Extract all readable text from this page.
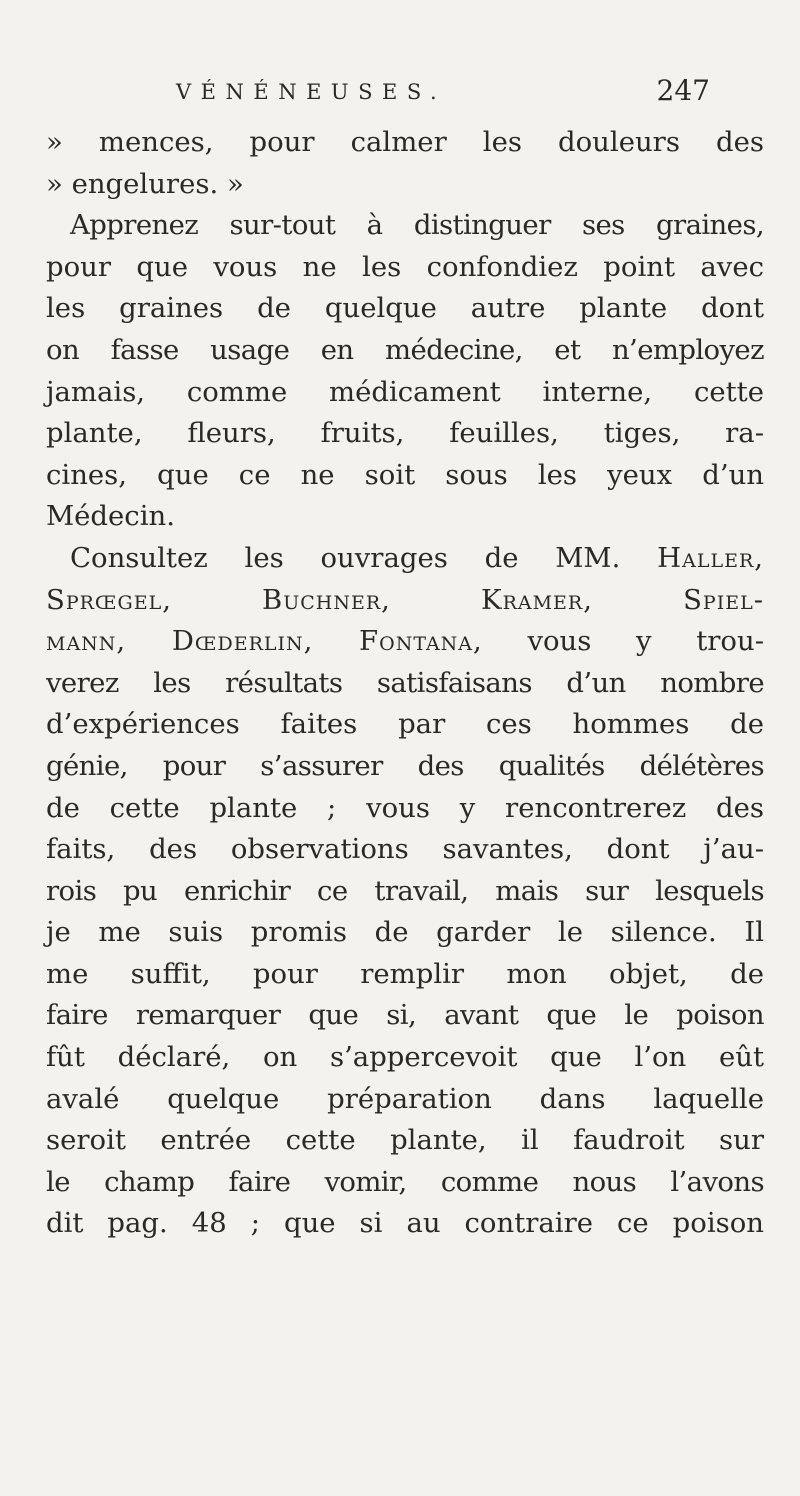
VÉNÉNEUSES.	247
» mences, pour calmer les douleurs des
» engelures. »
Apprenez sur-tout à distinguer ses graines,
pour que vous ne les confondiez point avec
les graines de quelque autre plante dont
on fasse usage en médecine, et n’employez
jamais, comme médicament interne, cette
plante, fleurs, fruits, feuilles, tiges, ra-
cines, que ce ne soit sous les yeux d’un
Médecin.
Consultez les ouvrages de MM. Haller,
Sprœgel, Buchner, Kramer, Spiel-
mann, Dœderlin, Fontana, vous y trou-
verez les résultats satisfaisans d’un nombre
d’expériences faites par ces hommes de
génie, pour s’assurer des qualités délétères
de cette plante ; vous y rencontrerez des
faits, des observations savantes, dont j’au-
rois pu enrichir ce travail, mais sur lesquels
je me suis promis de garder le silence. Il
me suffit, pour remplir mon objet, de
faire remarquer que si, avant que le poison
fût déclaré, on s’appercevoit que l’on eût
avalé quelque préparation dans laquelle
seroit entrée cette plante, il faudroit sur
le champ faire vomir, comme nous l’avons
dit pag. 48 ; que si au contraire ce poison
